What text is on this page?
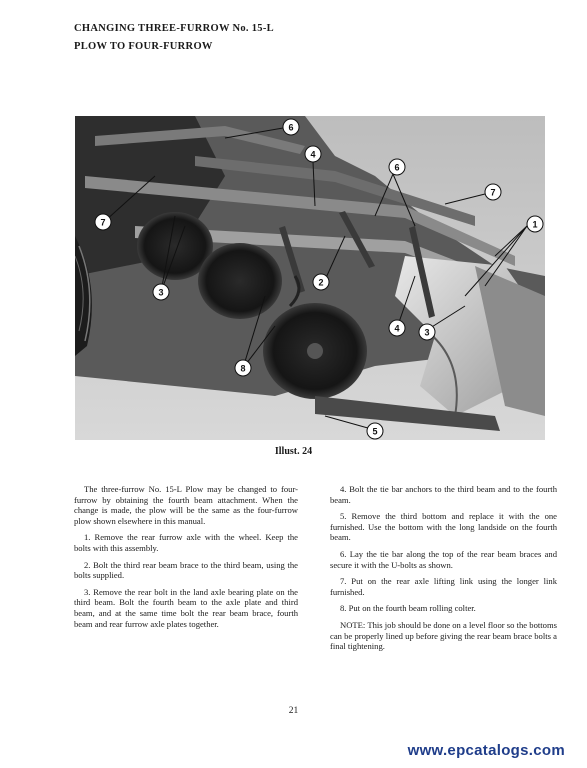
CHANGING THREE-FURROW No. 15-L
PLOW TO FOUR-FURROW
6
4
6
7
7	1
3
2
4	3
8
5
Illust. 24

The three-furrow No. 15-L Plow may be changed to four-furrow by obtaining the fourth beam attachment. When the change is made, the plow will be the same as the four-furrow plow shown elsewhere in this manual.

1. Remove the rear furrow axle with the wheel. Keep the bolts with this assembly.

2. Bolt the third rear beam brace to the third beam, using the bolts supplied.

3. Remove the rear bolt in the land axle bearing plate on the third beam. Bolt the fourth beam to the axle plate and third beam, and at the same time bolt the rear beam brace, fourth beam and rear furrow axle plates together.

4. Bolt the tie bar anchors to the third beam and to the fourth beam.

5. Remove the third bottom and replace it with the one furnished. Use the bottom with the long landside on the fourth beam.

6. Lay the tie bar along the top of the rear beam braces and secure it with the U-bolts as shown.

7. Put on the rear axle lifting link using the longer link furnished.

8. Put on the fourth beam rolling colter.

NOTE: This job should be done on a level floor so the bottoms can be properly lined up before giving the rear beam brace bolts a final tightening.

21
www.epcatalogs.com
